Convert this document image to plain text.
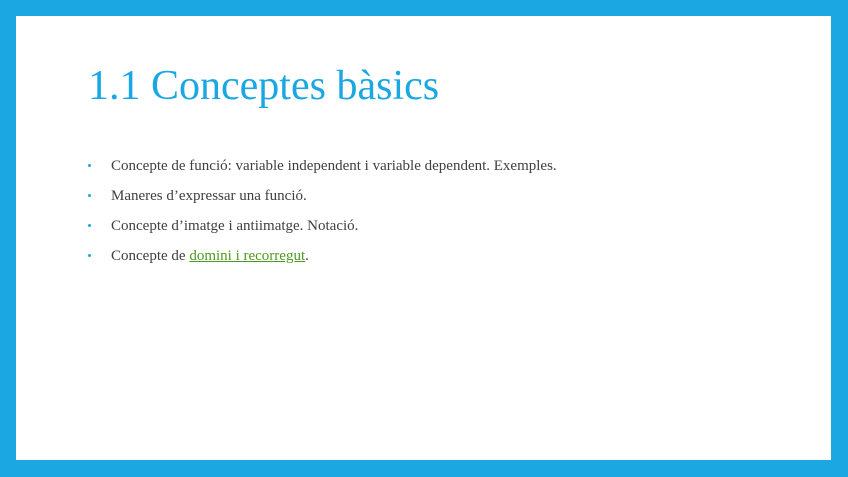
1.1 Conceptes bàsics
Concepte de funció: variable independent i variable dependent. Exemples.
Maneres d’expressar una funció.
Concepte d’imatge i antiimatge. Notació.
Concepte de domini i recorregut.
